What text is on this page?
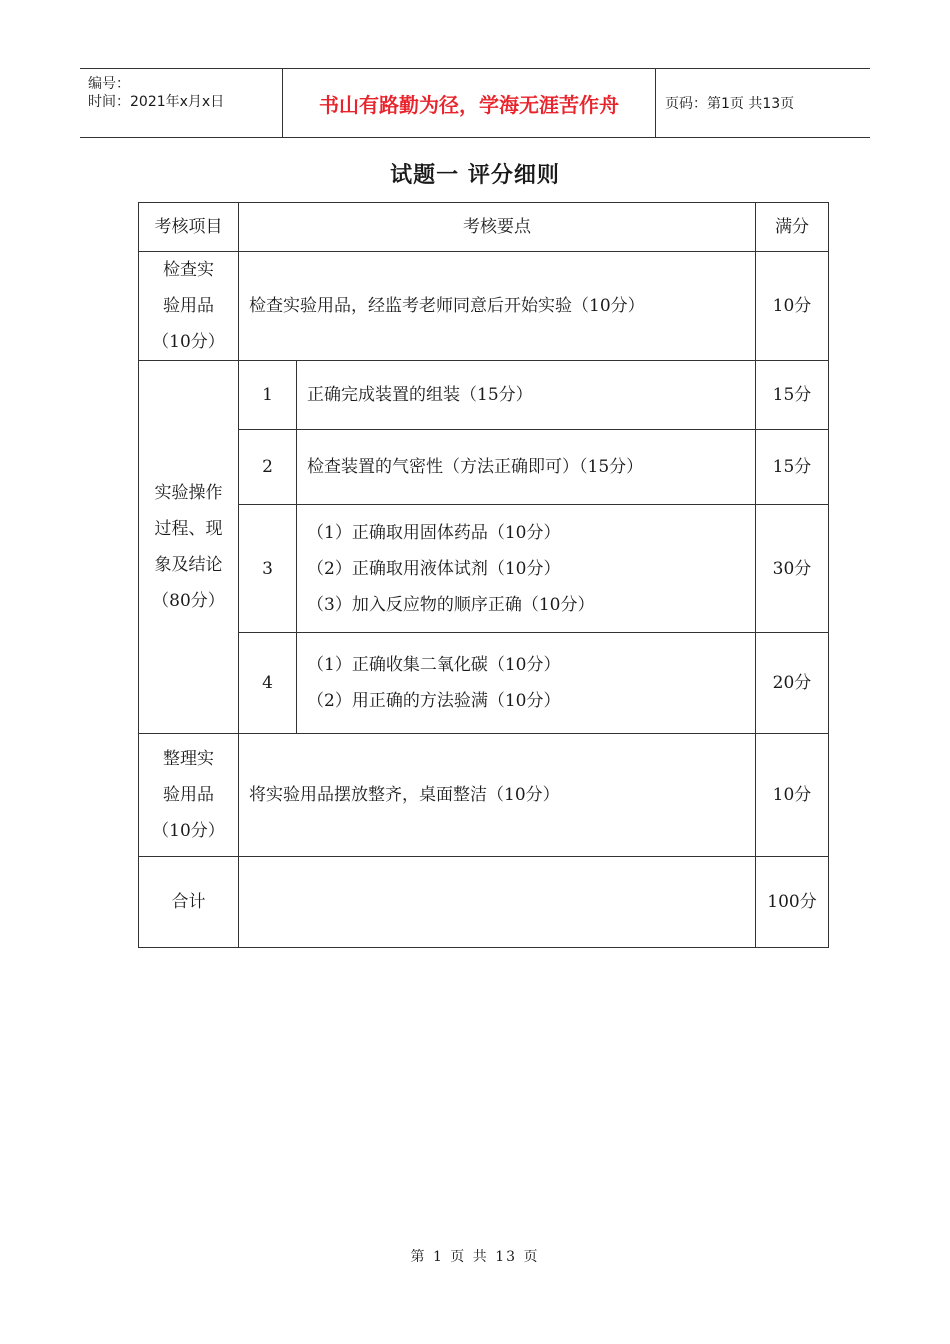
编号：
时间：2021年x月x日	书山有路勤为径，学海无涯苦作舟	页码：第1页 共13页
试题一 评分细则
考核项目	考核要点		满分

检查实
验用品
（10分）	检查实验用品，经监考老师同意后开始实验（10分）		10分

实验操作
过程、现
象及结论
（80分）	1	正确完成装置的组装（15分）	15分
	2	检查装置的气密性（方法正确即可）（15分）	15分
	3	（1）正确取用固体药品（10分）
（2）正确取用液体试剂（10分）
（3）加入反应物的顺序正确（10分）	30分
	4	（1）正确收集二氧化碳（10分）
（2）用正确的方法验满（10分）	20分

整理实
验用品
（10分）	将实验用品摆放整齐，桌面整洁（10分）		10分
合计			100分
第 1 页 共 13 页
